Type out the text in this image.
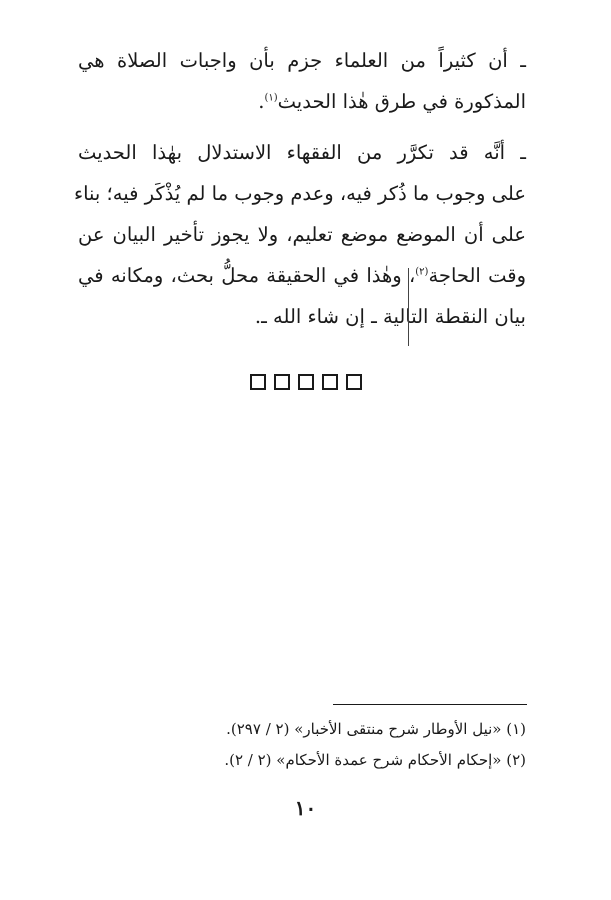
ـ أن كثيراً من العلماء جزم بأن واجبات الصلاة هي
المذكورة في طرق هٰذا الحديث$^{(١)}$.

ـ أنَّه قد تكرَّر من الفقهاء الاستدلال بهٰذا الحديث
على وجوب ما ذُكر فيه، وعدم وجوب ما لم يُذْكَر فيه؛ بناء
على أن الموضع موضع تعليم، ولا يجوز تأخير البيان عن
وقت الحاجة$^{(٢)}$، وهٰذا في الحقيقة محلُّ بحث، ومكانه في
بيان النقطة التالية ـ إن شاء الله ـ.

(١) «نيل الأوطار شرح منتقى الأخبار» (٢ / ٢٩٧).
(٢) «إحكام الأحكام شرح عمدة الأحكام» (٢ / ٢).
١٠
